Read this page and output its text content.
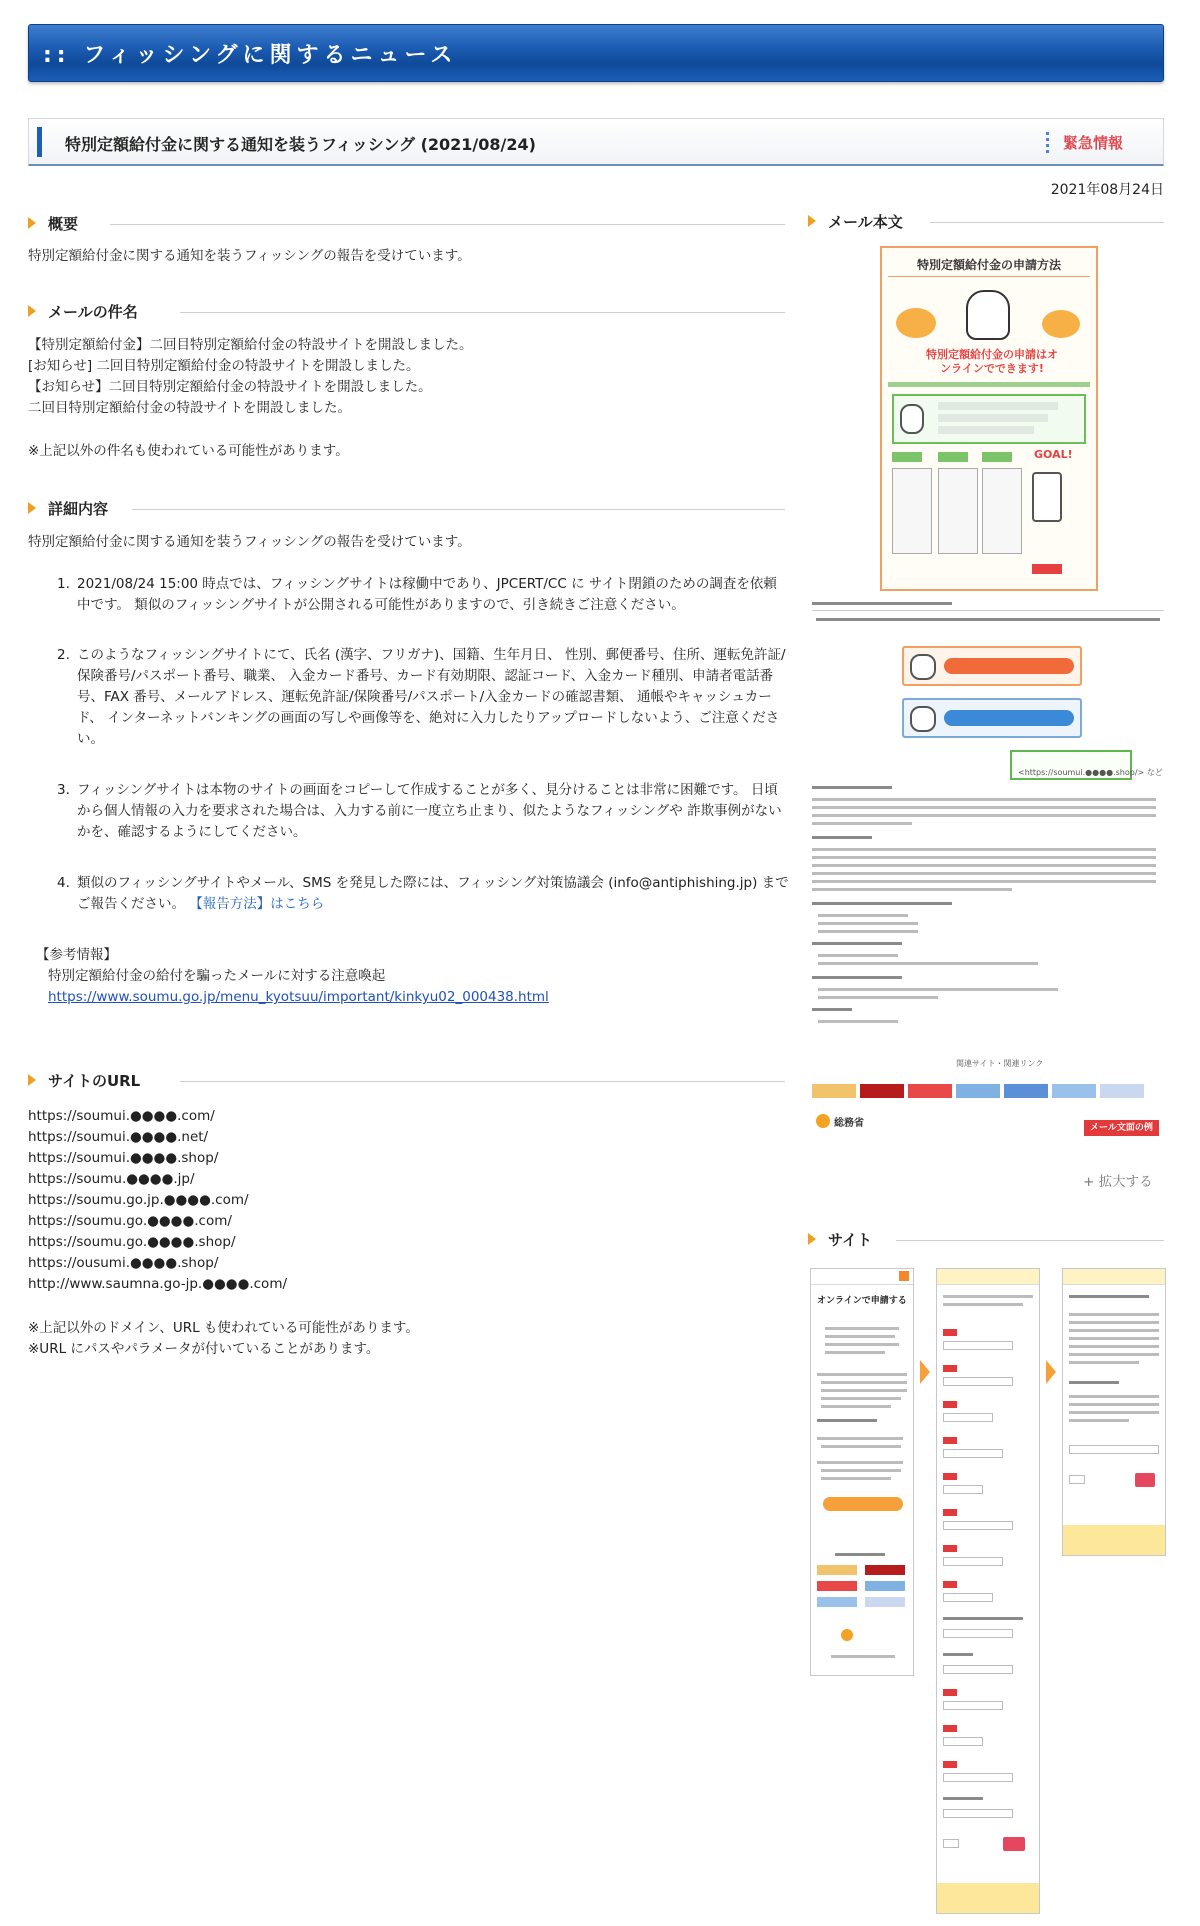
:: フィッシングに関するニュース
特別定額給付金に関する通知を装うフィッシング (2021/08/24)	緊急情報
2021年08月24日
概要
特別定額給付金に関する通知を装うフィッシングの報告を受けています。
メールの件名
【特別定額給付金】二回目特別定額給付金の特設サイトを開設しました。
[お知らせ] 二回目特別定額給付金の特設サイトを開設しました。
【お知らせ】二回目特別定額給付金の特設サイトを開設しました。
二回目特別定額給付金の特設サイトを開設しました。
※上記以外の件名も使われている可能性があります。
詳細内容
特別定額給付金に関する通知を装うフィッシングの報告を受けています。
1. 2021/08/24 15:00 時点では、フィッシングサイトは稼働中であり、JPCERT/CC に サイト閉鎖のための調査を依頼中です。 類似のフィッシングサイトが公開される可能性がありますので、引き続きご注意ください。
2. このようなフィッシングサイトにて、氏名 (漢字、フリガナ)、国籍、生年月日、 性別、郵便番号、住所、運転免許証/保険番号/パスポート番号、職業、 入金カード番号、カード有効期限、認証コード、入金カード種別、申請者電話番号、FAX 番号、メールアドレス、運転免許証/保険番号/パスポート/入金カードの確認書類、 通帳やキャッシュカード、 インターネットバンキングの画面の写しや画像等を、絶対に入力したりアップロードしないよう、ご注意ください。
3. フィッシングサイトは本物のサイトの画面をコピーして作成することが多く、見分けることは非常に困難です。 日頃から個人情報の入力を要求された場合は、入力する前に一度立ち止まり、似たようなフィッシングや 詐欺事例がないかを、確認するようにしてください。
4. 類似のフィッシングサイトやメール、SMS を発見した際には、フィッシング対策協議会 (info@antiphishing.jp) までご報告ください。 【報告方法】はこちら
【参考情報】
特別定額給付金の給付を騙ったメールに対する注意喚起
https://www.soumu.go.jp/menu_kyotsuu/important/kinkyu02_000438.html
サイトのURL
https://soumui.●●●●.com/
https://soumui.●●●●.net/
https://soumui.●●●●.shop/
https://soumu.●●●●.jp/
https://soumu.go.jp.●●●●.com/
https://soumu.go.●●●●.com/
https://soumu.go.●●●●.shop/
https://ousumi.●●●●.shop/
http://www.saumna.go-jp.●●●●.com/
※上記以外のドメイン、URL も使われている可能性があります。
※URL にパスやパラメータが付いていることがあります。
メール本文
特別定額給付金の申請方法
特別定額給付金の申請はオンラインでできます!
GOAL!
<https://soumui.●●●●.shop/> など
関連サイト・関連リンク
総務省	メール文面の例
+ 拡大する
サイト
オンラインで申請する
